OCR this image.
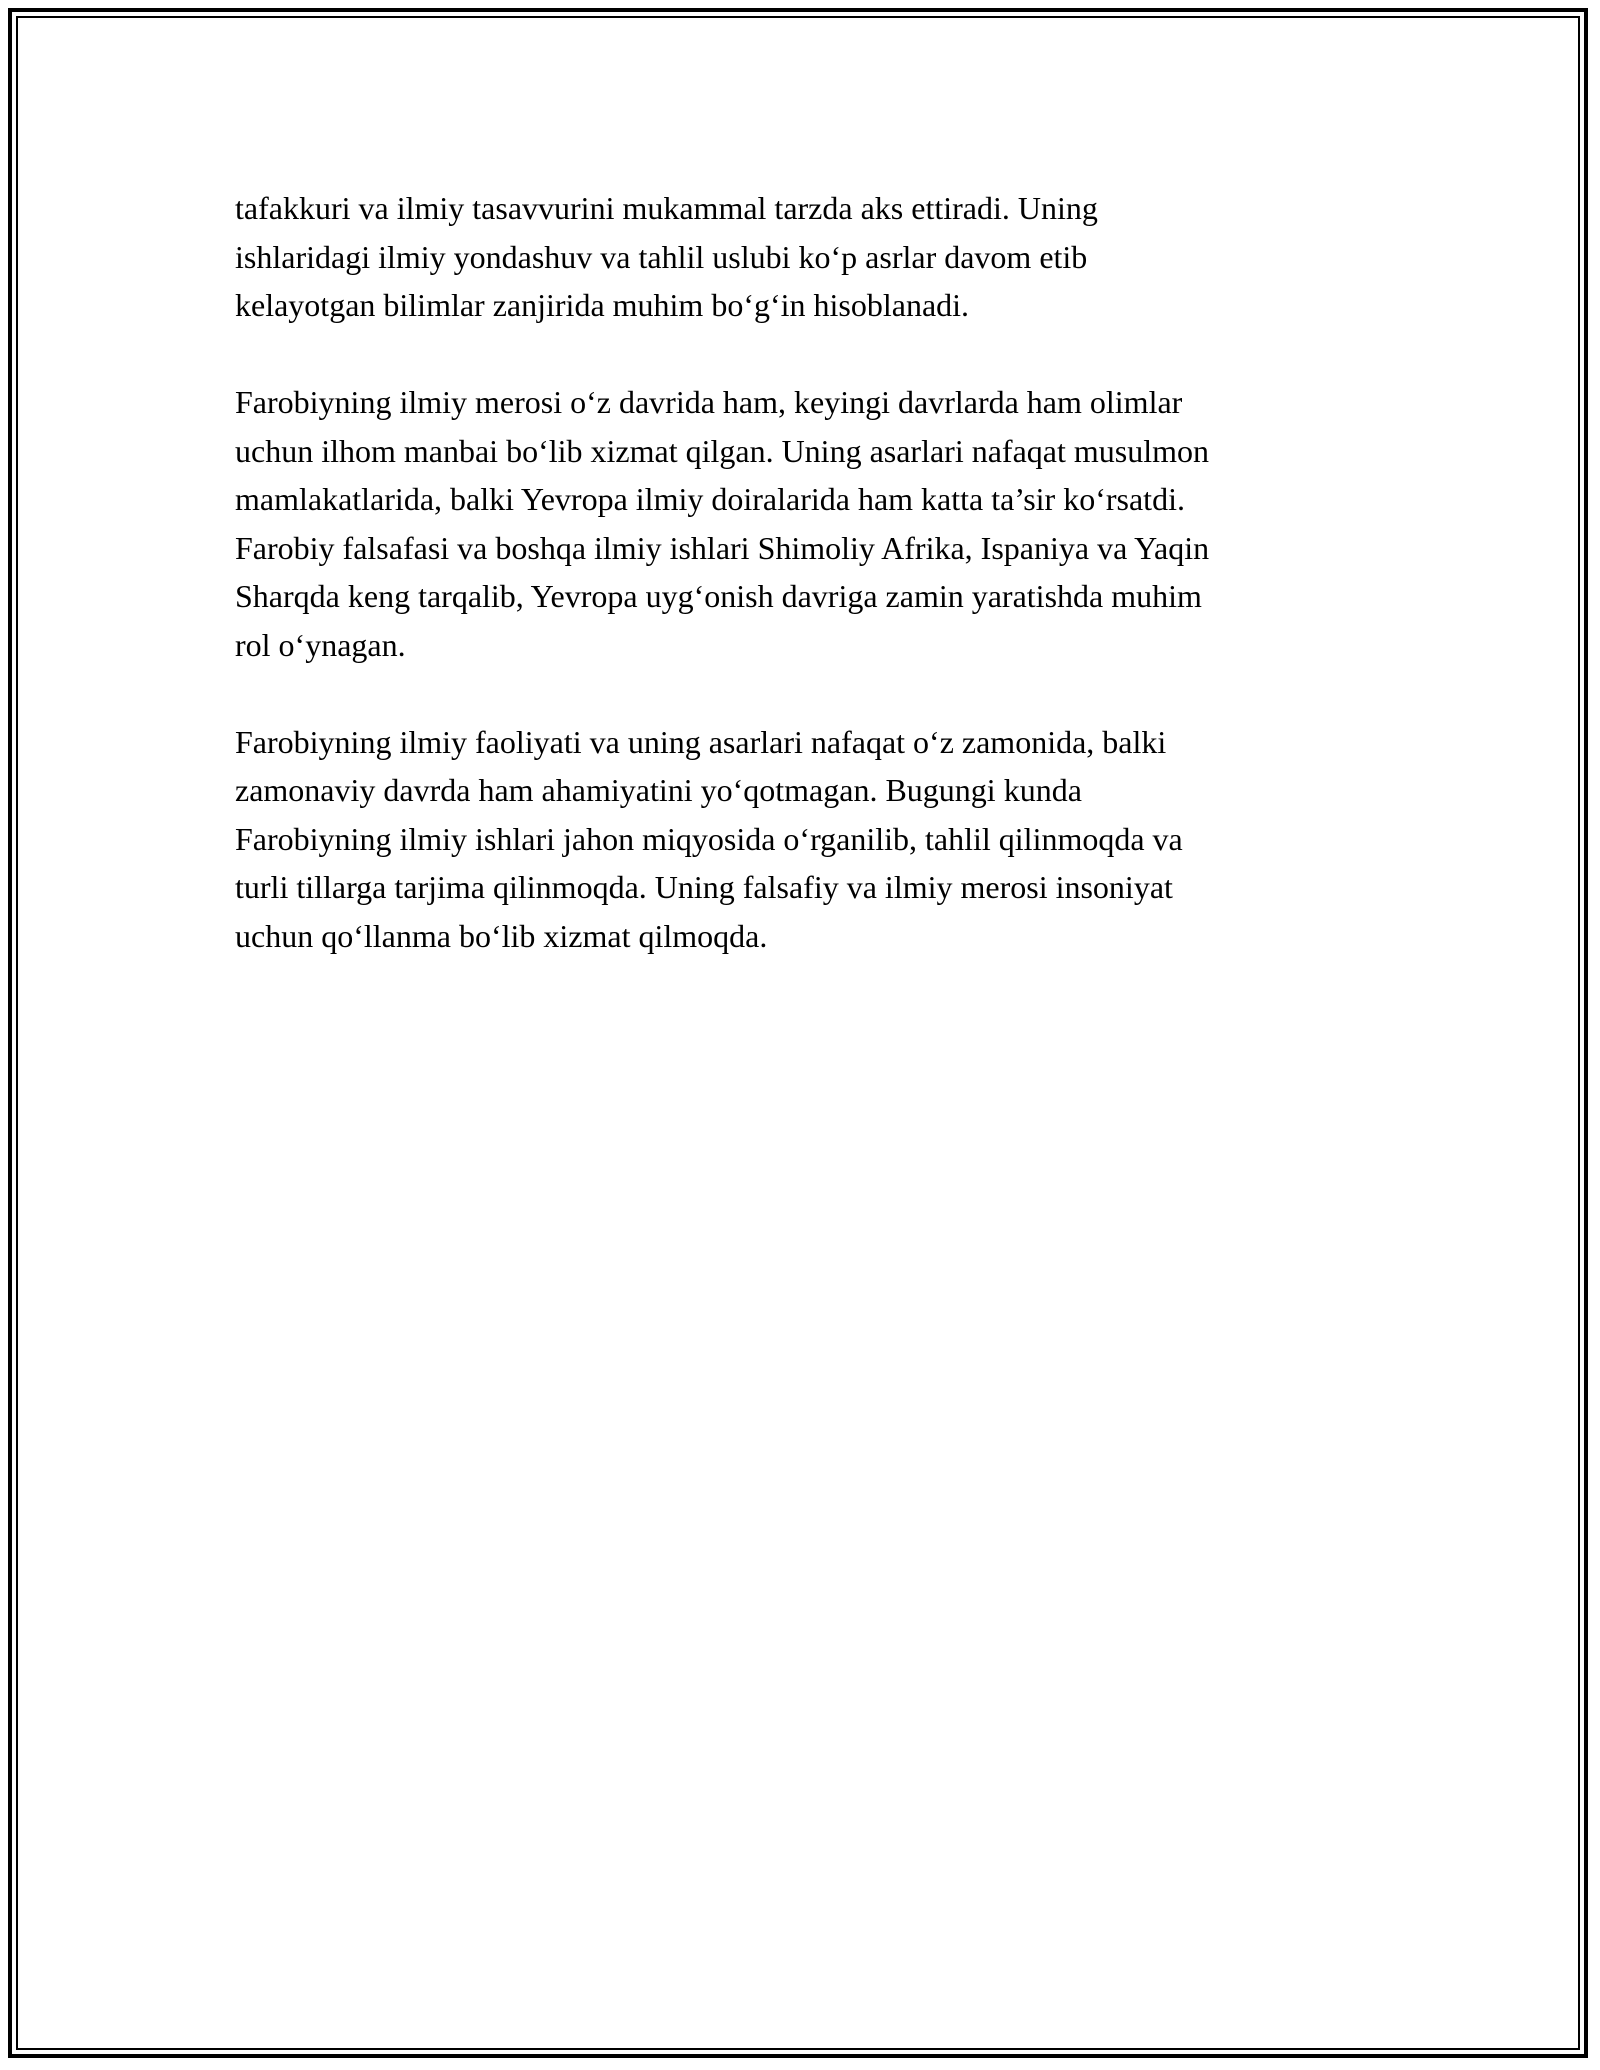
tafakkuri va ilmiy tasavvurini mukammal tarzda aks ettiradi. Uning
ishlaridagi ilmiy yondashuv va tahlil uslubi ko‘p asrlar davom etib
kelayotgan bilimlar zanjirida muhim bo‘g‘in hisoblanadi.

Farobiyning ilmiy merosi o‘z davrida ham, keyingi davrlarda ham olimlar
uchun ilhom manbai bo‘lib xizmat qilgan. Uning asarlari nafaqat musulmon
mamlakatlarida, balki Yevropa ilmiy doiralarida ham katta ta’sir ko‘rsatdi.
Farobiy falsafasi va boshqa ilmiy ishlari Shimoliy Afrika, Ispaniya va Yaqin
Sharqda keng tarqalib, Yevropa uyg‘onish davriga zamin yaratishda muhim
rol o‘ynagan.

Farobiyning ilmiy faoliyati va uning asarlari nafaqat o‘z zamonida, balki
zamonaviy davrda ham ahamiyatini yo‘qotmagan. Bugungi kunda
Farobiyning ilmiy ishlari jahon miqyosida o‘rganilib, tahlil qilinmoqda va
turli tillarga tarjima qilinmoqda. Uning falsafiy va ilmiy merosi insoniyat
uchun qo‘llanma bo‘lib xizmat qilmoqda.
